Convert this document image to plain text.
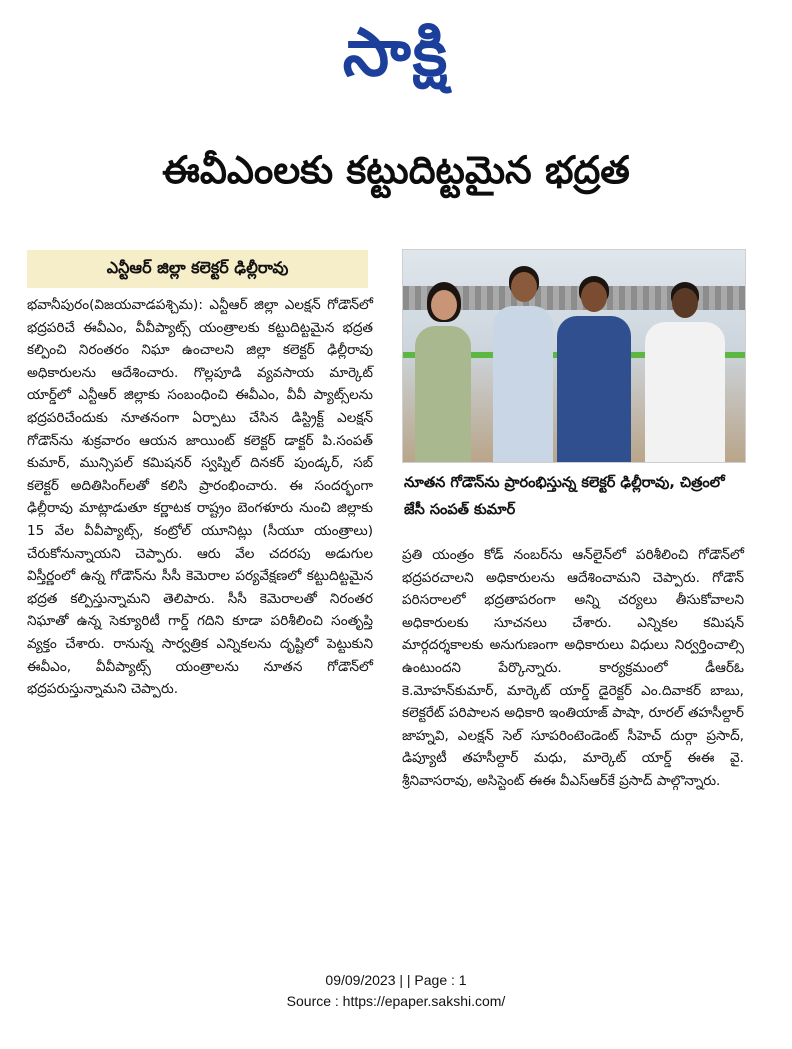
సాక్షి
ఈవీఎంలకు కట్టుదిట్టమైన భద్రత
ఎన్టీఆర్ జిల్లా కలెక్టర్ ఢిల్లీరావు

భవానీపురం(విజయవాడపశ్చిమ): ఎన్టీఆర్ జిల్లా ఎలక్షన్ గోడౌన్‌లో భద్రపరిచే ఈవీఎం, వీవీప్యాట్స్ యంత్రాలకు కట్టుదిట్టమైన భద్రత కల్పించి నిరంతరం నిఘా ఉంచాలని జిల్లా కలెక్టర్ ఢిల్లీరావు అధికారులను ఆదేశించారు. గొల్లపూడి వ్యవసాయ మార్కెట్ యార్డ్‌లో ఎన్టీఆర్ జిల్లాకు సంబంధించి ఈవీఎం, వీవీ ప్యాట్స్‌లను భద్రపరిచేందుకు నూతనంగా ఏర్పాటు చేసిన డిస్ట్రిక్ట్ ఎలక్షన్ గోడౌన్‌ను శుక్రవారం ఆయన జాయింట్ కలెక్టర్ డాక్టర్ పి.సంపత్ కుమార్, మున్సిపల్ కమిషనర్ స్వప్నిల్ దినకర్ పుండ్కర్, సబ్ కలెక్టర్ అదితిసింగ్‌లతో కలిసి ప్రారంభించారు. ఈ సందర్భంగా ఢిల్లీరావు మాట్లాడుతూ కర్ణాటక రాష్ట్రం బెంగళూరు నుంచి జిల్లాకు 15 వేల వీవీప్యాట్స్, కంట్రోల్ యూనిట్లు (సీయూ యంత్రాలు) చేరుకోనున్నాయని చెప్పారు. ఆరు వేల చదరపు అడుగుల విస్తీర్ణంలో ఉన్న గోడౌన్‌ను సీసీ కెమెరాల పర్యవేక్షణలో కట్టుదిట్టమైన భద్రత కల్పిస్తున్నామని తెలిపారు. సీసీ కెమెరాలతో నిరంతర నిఘాతో ఉన్న సెక్యూరిటీ గార్డ్ గదిని కూడా పరిశీలించి సంతృప్తి వ్యక్తం చేశారు. రానున్న సార్వత్రిక ఎన్నికలను దృష్టిలో పెట్టుకుని ఈవీఎం, వీవీప్యాట్స్ యంత్రాలను నూతన గోడౌన్‌లో భద్రపరుస్తున్నామని చెప్పారు.

నూతన గోడౌన్‌ను ప్రారంభిస్తున్న కలెక్టర్ ఢిల్లీరావు, చిత్రంలో జేసీ సంపత్ కుమార్

ప్రతి యంత్రం కోడ్ నంబర్‌ను ఆన్‌లైన్‌లో పరిశీలించి గోడౌన్‌లో భద్రపరచాలని అధికారులను ఆదేశించామని చెప్పారు. గోడౌన్ పరిసరాలలో భద్రతాపరంగా అన్ని చర్యలు తీసుకోవాలని అధికారులకు సూచనలు చేశారు. ఎన్నికల కమిషన్ మార్గదర్శకాలకు అనుగుణంగా అధికారులు విధులు నిర్వర్తించాల్సి ఉంటుందని పేర్కొన్నారు. కార్యక్రమంలో డీఆర్‌ఓ కె.మోహన్‌కుమార్, మార్కెట్ యార్డ్ డైరెక్టర్ ఎం.దివాకర్ బాబు, కలెక్టరేట్ పరిపాలన అధికారి ఇంతియాజ్ పాషా, రూరల్ తహసీల్దార్ జాహ్నవి, ఎలక్షన్ సెల్ సూపరింటెండెంట్ సీహెచ్ దుర్గా ప్రసాద్, డిప్యూటీ తహసీల్దార్ మధు, మార్కెట్ యార్డ్ ఈఈ వై. శ్రీనివాసరావు, అసిస్టెంట్ ఈఈ వీఎస్ఆర్‌కే ప్రసాద్ పాల్గొన్నారు.

09/09/2023 | | Page : 1
Source : https://epaper.sakshi.com/
